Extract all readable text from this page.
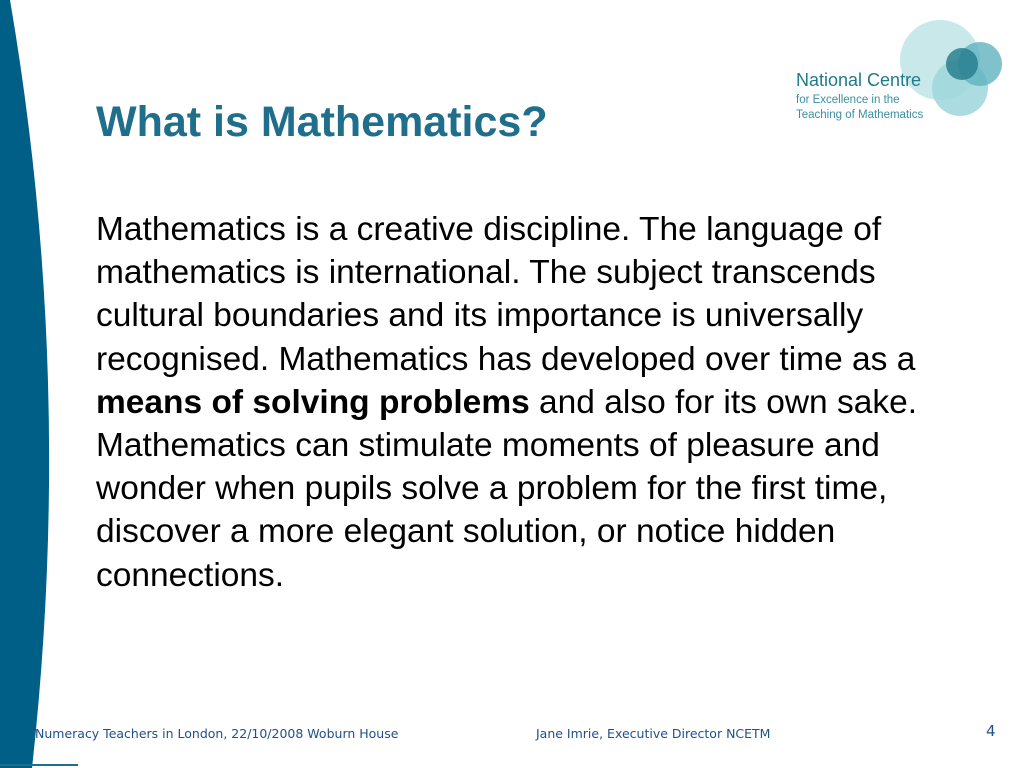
National Centre
for Excellence in the
Teaching of Mathematics
What is Mathematics?

Mathematics is a creative discipline. The language of mathematics is international. The subject transcends cultural boundaries and its importance is universally recognised. Mathematics has developed over time as a means of solving problems and also for its own sake. Mathematics can stimulate moments of pleasure and wonder when pupils solve a problem for the first time, discover a more elegant solution, or notice hidden connections.

Numeracy Teachers in London, 22/10/2008 Woburn House	Jane Imrie, Executive Director NCETM	4
